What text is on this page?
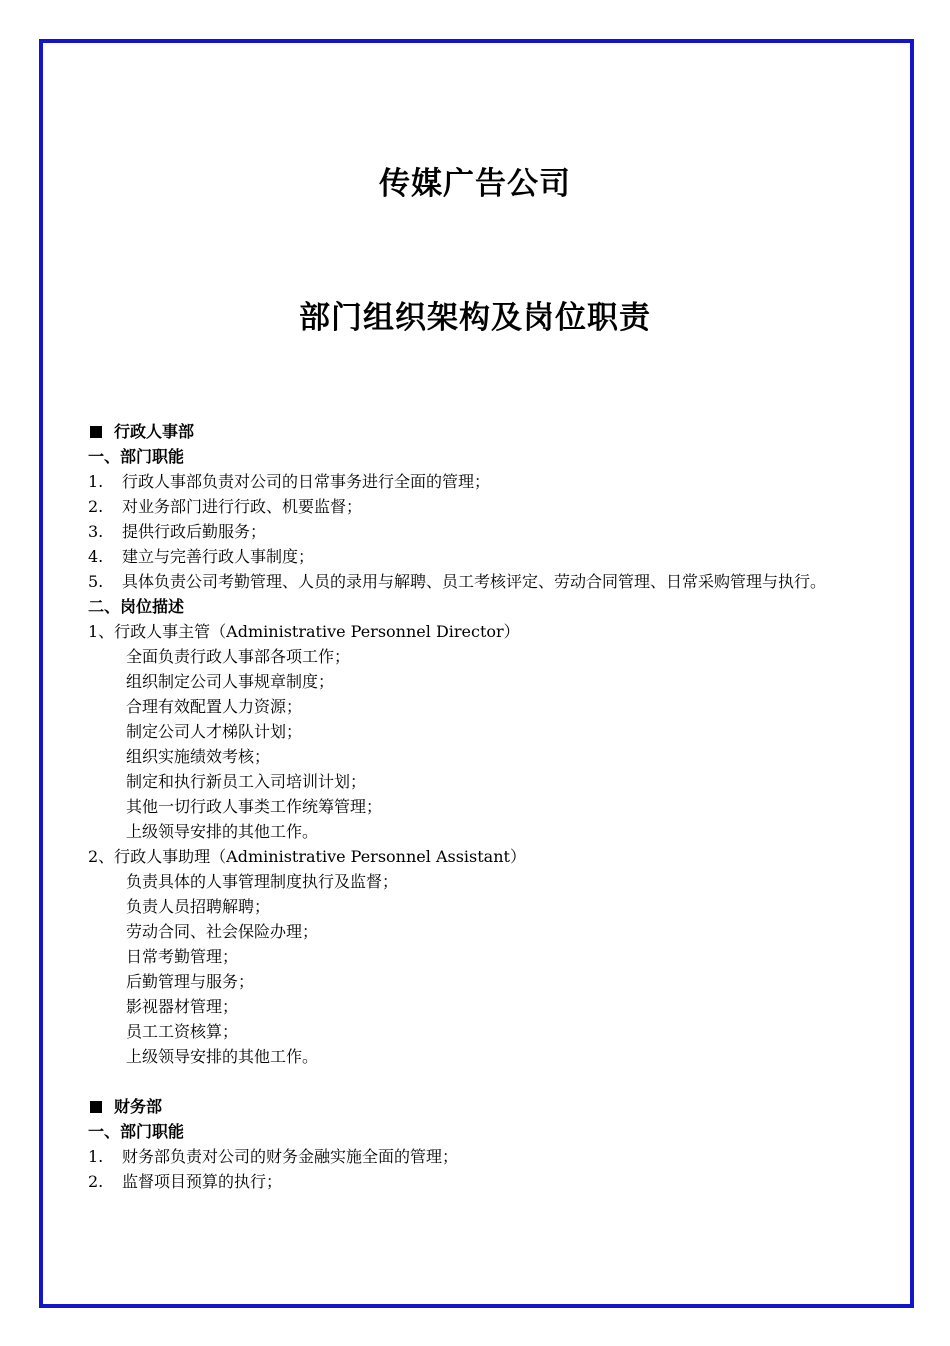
传媒广告公司
部门组织架构及岗位职责
行政人事部
一、部门职能
1.	行政人事部负责对公司的日常事务进行全面的管理；
2.	对业务部门进行行政、机要监督；
3.	提供行政后勤服务；
4.	建立与完善行政人事制度；
5.	具体负责公司考勤管理、人员的录用与解聘、员工考核评定、劳动合同管理、日常采购管理与执行。
二、岗位描述
1、行政人事主管（Administrative Personnel Director）
全面负责行政人事部各项工作；
组织制定公司人事规章制度；
合理有效配置人力资源；
制定公司人才梯队计划；
组织实施绩效考核；
制定和执行新员工入司培训计划；
其他一切行政人事类工作统筹管理；
上级领导安排的其他工作。
2、行政人事助理（Administrative Personnel Assistant）
负责具体的人事管理制度执行及监督；
负责人员招聘解聘；
劳动合同、社会保险办理；
日常考勤管理；
后勤管理与服务；
影视器材管理；
员工工资核算；
上级领导安排的其他工作。
财务部
一、部门职能
1.	财务部负责对公司的财务金融实施全面的管理；
2.	监督项目预算的执行；
